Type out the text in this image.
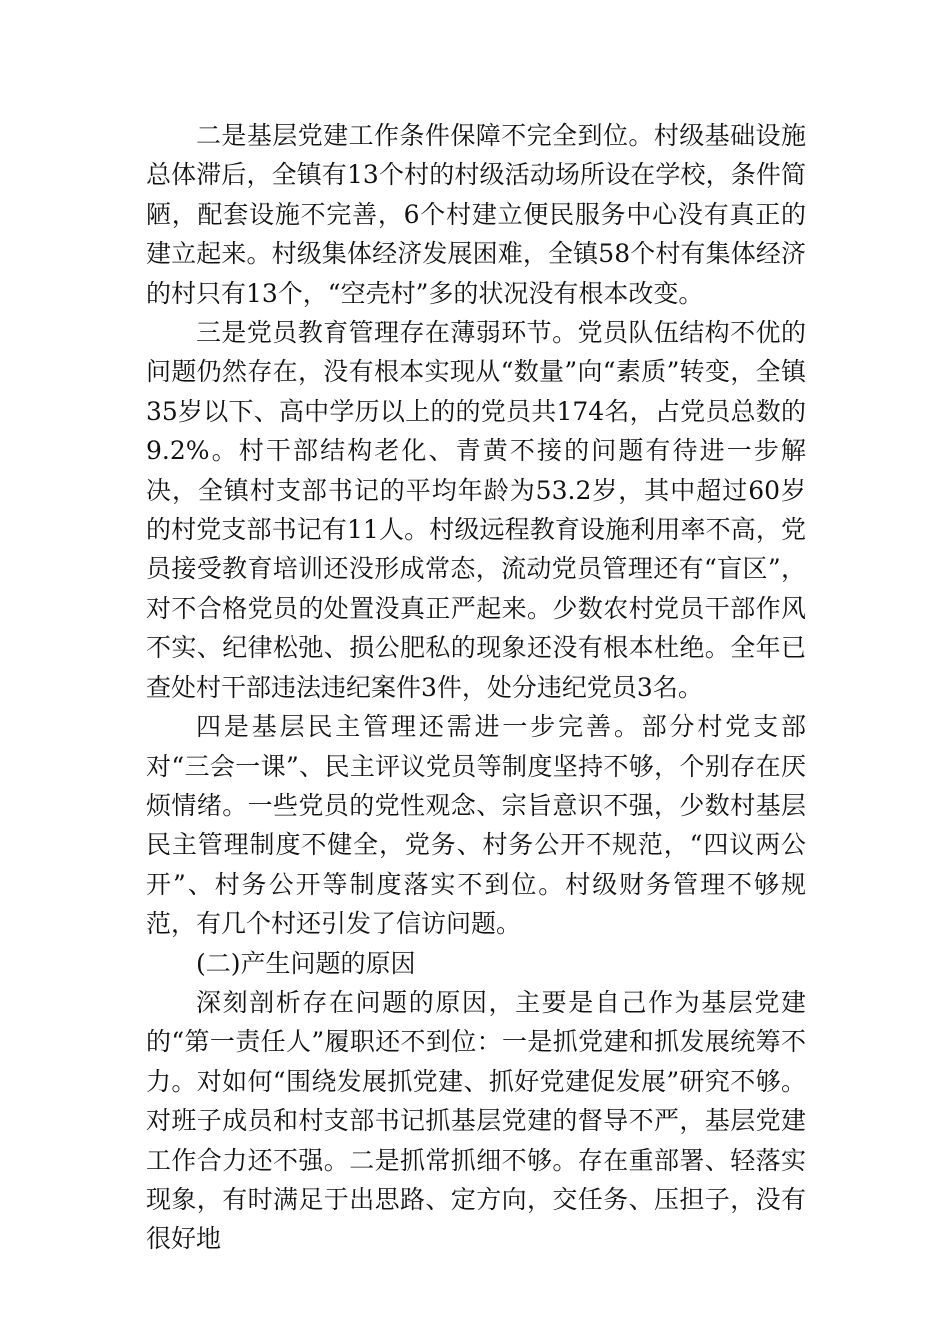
二是基层党建工作条件保障不完全到位。村级基础设施总体滞后，全镇有13个村的村级活动场所设在学校，条件简陋，配套设施不完善，6个村建立便民服务中心没有真正的建立起来。村级集体经济发展困难，全镇58个村有集体经济的村只有13个，“空壳村”多的状况没有根本改变。

三是党员教育管理存在薄弱环节。党员队伍结构不优的问题仍然存在，没有根本实现从“数量”向“素质”转变，全镇35岁以下、高中学历以上的的党员共174名，占党员总数的9.2%。村干部结构老化、青黄不接的问题有待进一步解决，全镇村支部书记的平均年龄为53.2岁，其中超过60岁的村党支部书记有11人。村级远程教育设施利用率不高，党员接受教育培训还没形成常态，流动党员管理还有“盲区”，对不合格党员的处置没真正严起来。少数农村党员干部作风不实、纪律松弛、损公肥私的现象还没有根本杜绝。全年已查处村干部违法违纪案件3件，处分违纪党员3名。

四是基层民主管理还需进一步完善。部分村党支部对“三会一课”、民主评议党员等制度坚持不够，个别存在厌烦情绪。一些党员的党性观念、宗旨意识不强，少数村基层民主管理制度不健全，党务、村务公开不规范，“四议两公开”、村务公开等制度落实不到位。村级财务管理不够规范，有几个村还引发了信访问题。

(二)产生问题的原因

深刻剖析存在问题的原因，主要是自己作为基层党建的“第一责任人”履职还不到位：一是抓党建和抓发展统筹不力。对如何“围绕发展抓党建、抓好党建促发展”研究不够。对班子成员和村支部书记抓基层党建的督导不严，基层党建工作合力还不强。二是抓常抓细不够。存在重部署、轻落实现象，有时满足于出思路、定方向，交任务、压担子，没有很好地
